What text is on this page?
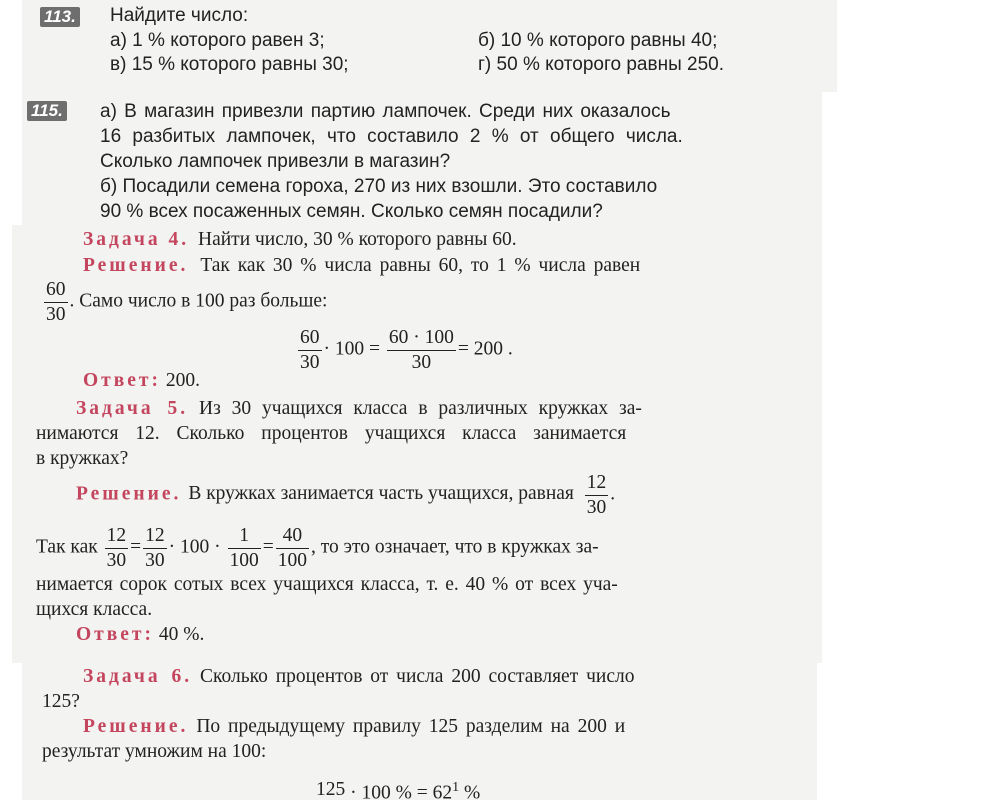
113. Найдите число:
а) 1 % которого равен 3;	б) 10 % которого равны 40;
в) 15 % которого равны 30;	г) 50 % которого равны 250.
115. а) В магазин привезли партию лампочек. Среди них оказалось
16 разбитых лампочек, что составило 2 % от общего числа.
Сколько лампочек привезли в магазин?
б) Посадили семена гороха, 270 из них взошли. Это составило
90 % всех посаженных семян. Сколько семян посадили?
Задача 4. Найти число, 30 % которого равны 60.
Решение. Так как 30 % числа равны 60, то 1 % числа равен
$\frac{60}{30}$ . Само число в 100 раз больше:
$\frac{60}{30} \cdot 100 = \frac{60 \cdot 100}{30} = 200$ .
Ответ: 200.
Задача 5. Из 30 учащихся класса в различных кружках за-
нимаются 12. Сколько процентов учащихся класса занимается
в кружках?
Решение. В кружках занимается часть учащихся, равная $\frac{12}{30}$ .
Так как $\frac{12}{30} = \frac{12}{30} \cdot 100 \cdot \frac{1}{100} = \frac{40}{100}$ , то это означает, что в кружках за-
нимается сорок сотых всех учащихся класса, т. е. 40 % от всех уча-
щихся класса.
Ответ: 40 %.
Задача 6. Сколько процентов от числа 200 составляет число
125?
Решение. По предыдущему правилу 125 разделим на 200 и
результат умножим на 100:
125 · 100 % = $62^1$ %
